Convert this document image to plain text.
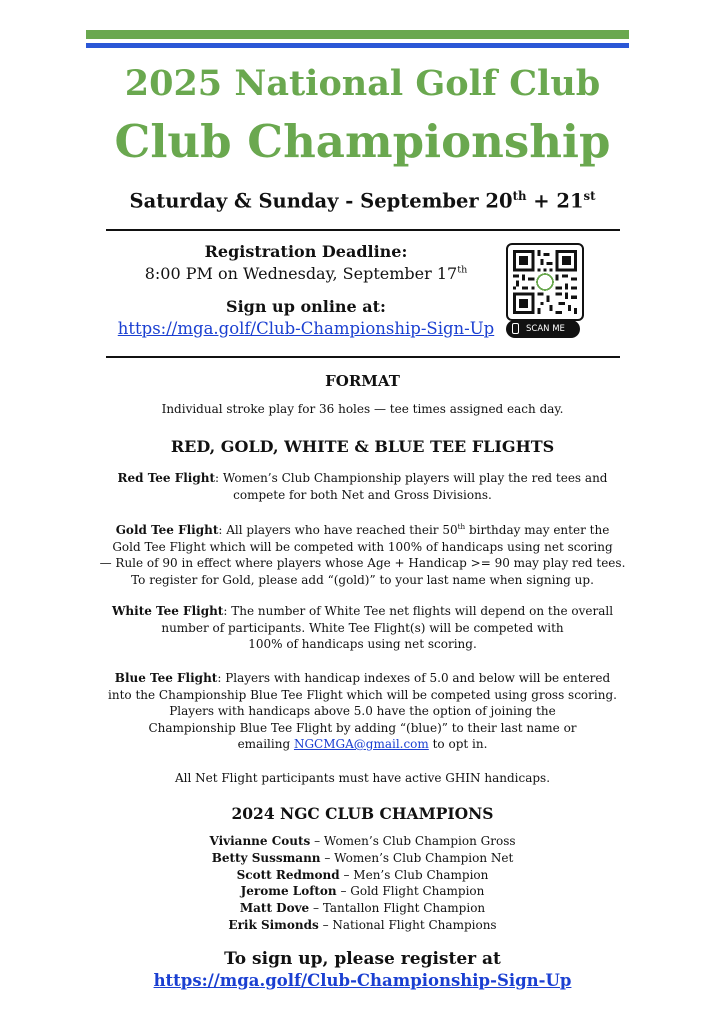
2025 National Golf Club
Club Championship
Saturday & Sunday - September 20th + 21st
Registration Deadline:
8:00 PM on Wednesday, September 17th
Sign up online at:
https://mga.golf/Club-Championship-Sign-Up	SCAN ME
FORMAT
Individual stroke play for 36 holes — tee times assigned each day.
RED, GOLD, WHITE & BLUE TEE FLIGHTS
Red Tee Flight: Women’s Club Championship players will play the red tees and
compete for both Net and Gross Divisions.
Gold Tee Flight: All players who have reached their 50th birthday may enter the
Gold Tee Flight which will be competed with 100% of handicaps using net scoring
— Rule of 90 in effect where players whose Age + Handicap >= 90 may play red tees.
To register for Gold, please add “(gold)” to your last name when signing up.
White Tee Flight: The number of White Tee net flights will depend on the overall
number of participants. White Tee Flight(s) will be competed with
100% of handicaps using net scoring.
Blue Tee Flight: Players with handicap indexes of 5.0 and below will be entered
into the Championship Blue Tee Flight which will be competed using gross scoring.
Players with handicaps above 5.0 have the option of joining the
Championship Blue Tee Flight by adding “(blue)” to their last name or
emailing NGCMGA@gmail.com to opt in.
All Net Flight participants must have active GHIN handicaps.
2024 NGC CLUB CHAMPIONS
Vivianne Couts – Women’s Club Champion Gross
Betty Sussmann – Women’s Club Champion Net
Scott Redmond – Men’s Club Champion
Jerome Lofton – Gold Flight Champion
Matt Dove – Tantallon Flight Champion
Erik Simonds – National Flight Champions
To sign up, please register at
https://mga.golf/Club-Championship-Sign-Up
